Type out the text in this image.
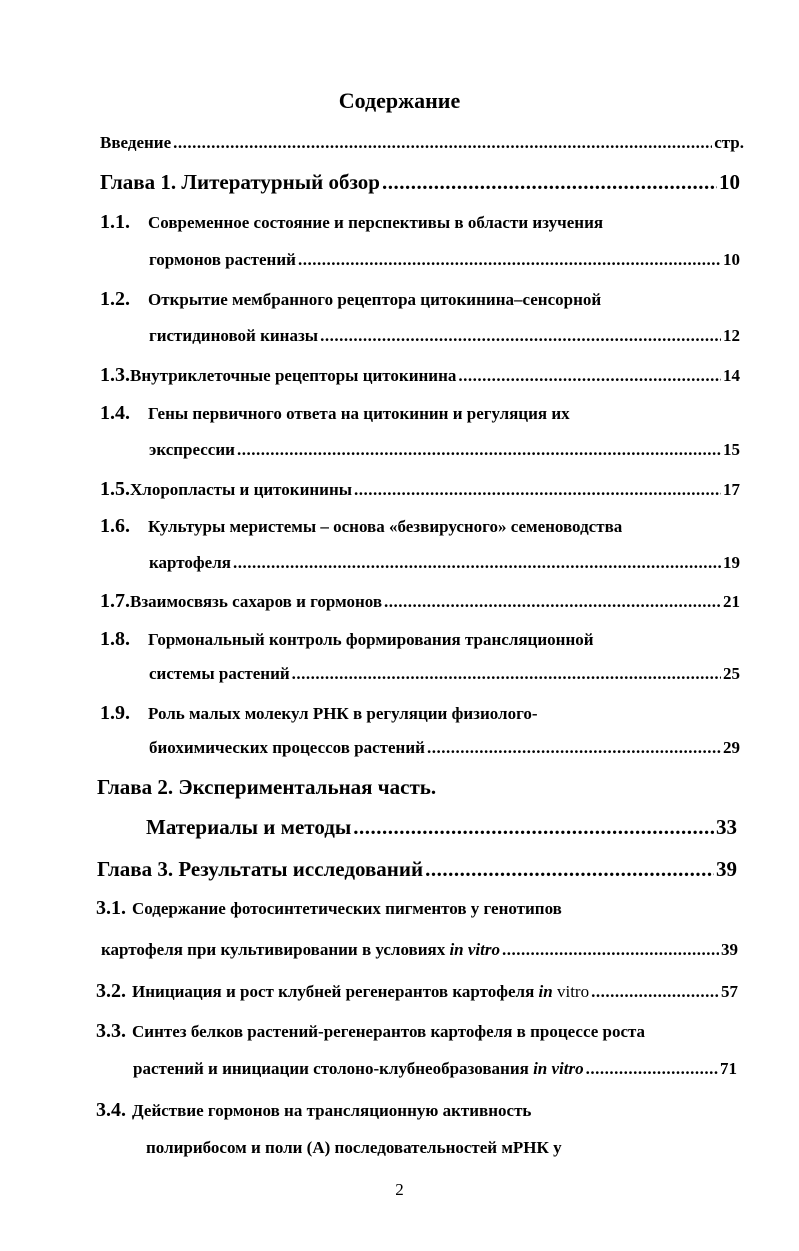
Содержание
Введение .....	стр.
Глава 1. Литературный обзор .....	10
1.1.	Современное состояние и перспективы в области изучения
гормонов растений .....	10
1.2.	Открытие мембранного рецептора цитокинина–сенсорной
гистидиновой киназы .....	12
1.3. Внутриклеточные рецепторы цитокинина .....	14
1.4.	Гены первичного ответа на цитокинин и регуляция их
экспрессии .....	15
1.5. Хлоропласты и цитокинины .....	17
1.6.	Культуры меристемы – основа «безвирусного» семеноводства
картофеля .....	19
1.7. Взаимосвязь сахаров и гормонов .....	21
1.8.	Гормональный контроль формирования трансляционной
системы растений .....	25
1.9.	Роль малых молекул РНК в регуляции физиолого-
биохимических процессов растений .....	29
Глава 2. Экспериментальная часть.
Материалы и методы .....	33
Глава 3. Результаты исследований .....	39
3.1. Содержание фотосинтетических пигментов у генотипов
картофеля при культивировании в условиях in vitro .....	39
3.2. Инициация и рост клубней регенерантов картофеля in vitro .....	57
3.3. Синтез белков растений-регенерантов картофеля в процессе роста
растений и инициации столоно-клубнеобразования in vitro .....	71
3.4. Действие гормонов на трансляционную активность
полирибосом и поли (А) последовательностей мРНК у
2
